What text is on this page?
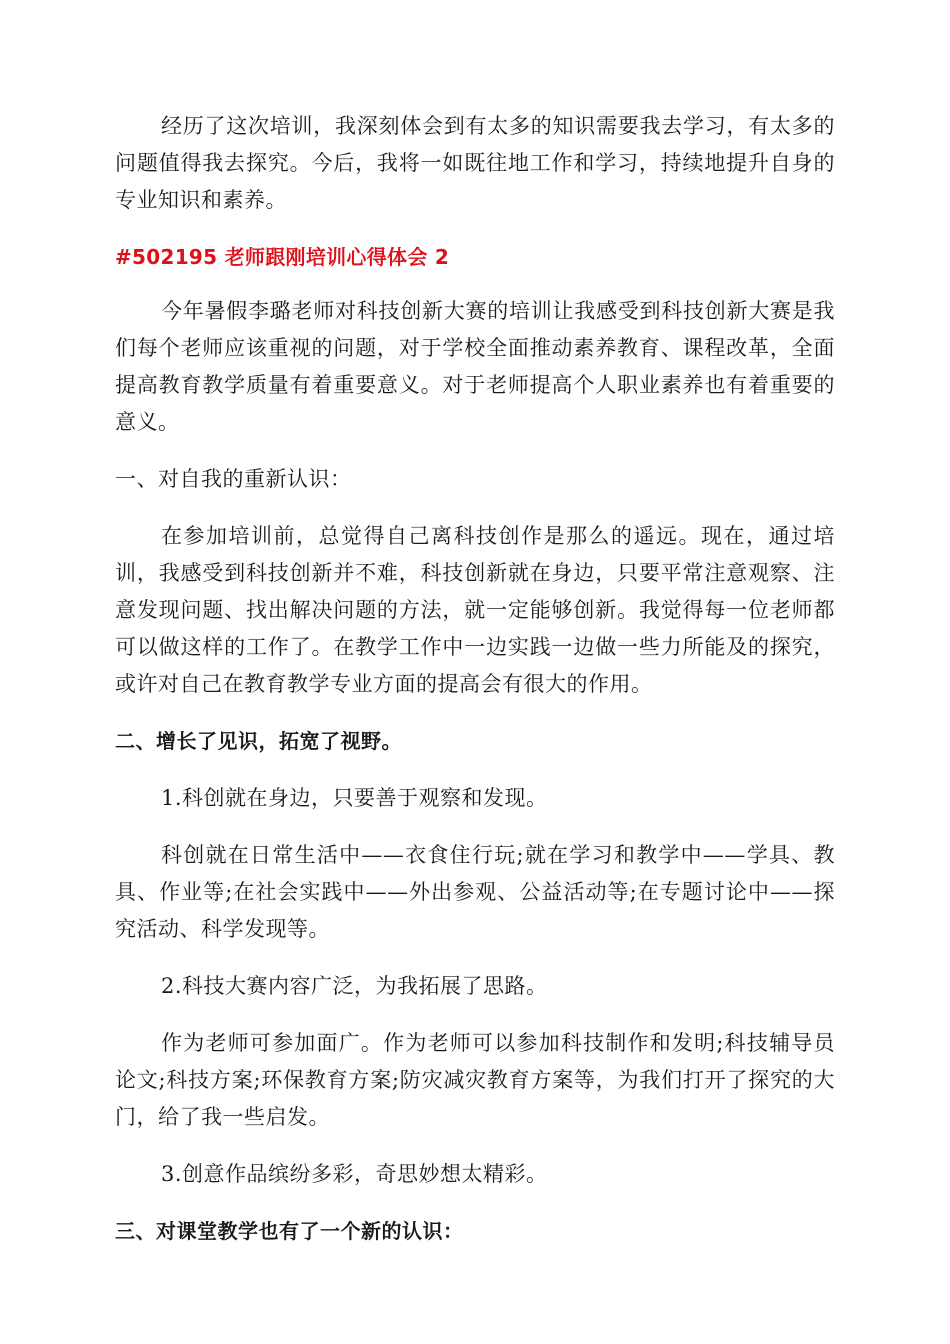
经历了这次培训，我深刻体会到有太多的知识需要我去学习，有太多的问题值得我去探究。今后，我将一如既往地工作和学习，持续地提升自身的专业知识和素养。

#502195 老师跟刚培训心得体会 2

今年暑假李璐老师对科技创新大赛的培训让我感受到科技创新大赛是我们每个老师应该重视的问题，对于学校全面推动素养教育、课程改革，全面提高教育教学质量有着重要意义。对于老师提高个人职业素养也有着重要的意义。

一、对自我的重新认识：

在参加培训前，总觉得自己离科技创作是那么的遥远。现在，通过培训，我感受到科技创新并不难，科技创新就在身边，只要平常注意观察、注意发现问题、找出解决问题的方法，就一定能够创新。我觉得每一位老师都可以做这样的工作了。在教学工作中一边实践一边做一些力所能及的探究，或许对自己在教育教学专业方面的提高会有很大的作用。

二、增长了见识，拓宽了视野。

1.科创就在身边，只要善于观察和发现。

科创就在日常生活中——衣食住行玩;就在学习和教学中——学具、教具、作业等;在社会实践中——外出参观、公益活动等;在专题讨论中——探究活动、科学发现等。

2.科技大赛内容广泛，为我拓展了思路。

作为老师可参加面广。作为老师可以参加科技制作和发明;科技辅导员论文;科技方案;环保教育方案;防灾减灾教育方案等，为我们打开了探究的大门，给了我一些启发。

3.创意作品缤纷多彩，奇思妙想太精彩。

三、对课堂教学也有了一个新的认识：
